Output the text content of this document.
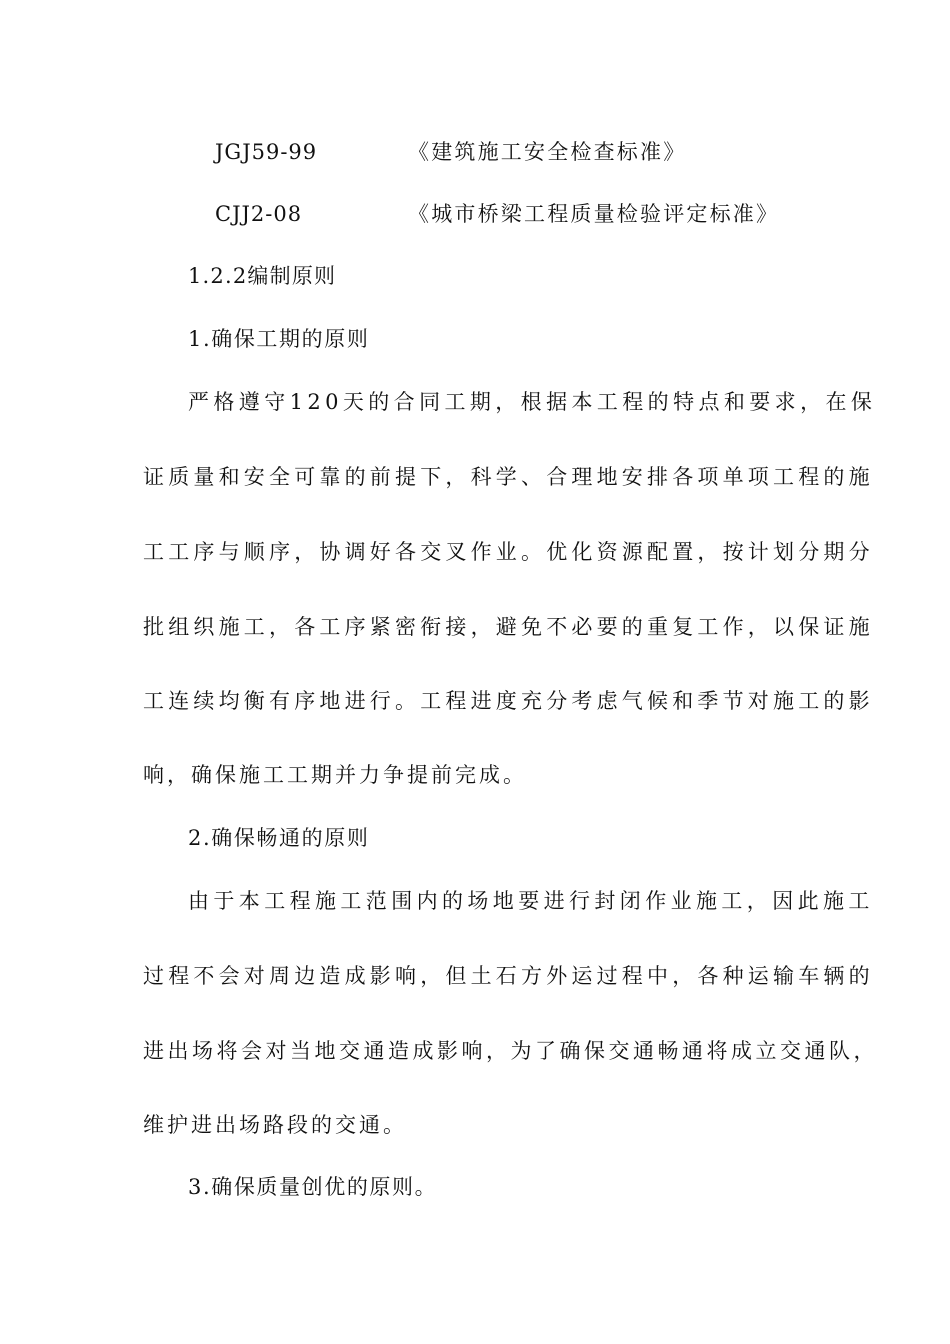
JGJ59-99	《建筑施工安全检查标准》
CJJ2-08	《城市桥梁工程质量检验评定标准》
1.2.2编制原则
1.确保工期的原则
严格遵守120天的合同工期，根据本工程的特点和要求，在保
证质量和安全可靠的前提下，科学、合理地安排各项单项工程的施
工工序与顺序，协调好各交叉作业。优化资源配置，按计划分期分
批组织施工，各工序紧密衔接，避免不必要的重复工作，以保证施
工连续均衡有序地进行。工程进度充分考虑气候和季节对施工的影
响，确保施工工期并力争提前完成。
2.确保畅通的原则
由于本工程施工范围内的场地要进行封闭作业施工，因此施工
过程不会对周边造成影响，但土石方外运过程中，各种运输车辆的
进出场将会对当地交通造成影响，为了确保交通畅通将成立交通队，
维护进出场路段的交通。
3.确保质量创优的原则。
